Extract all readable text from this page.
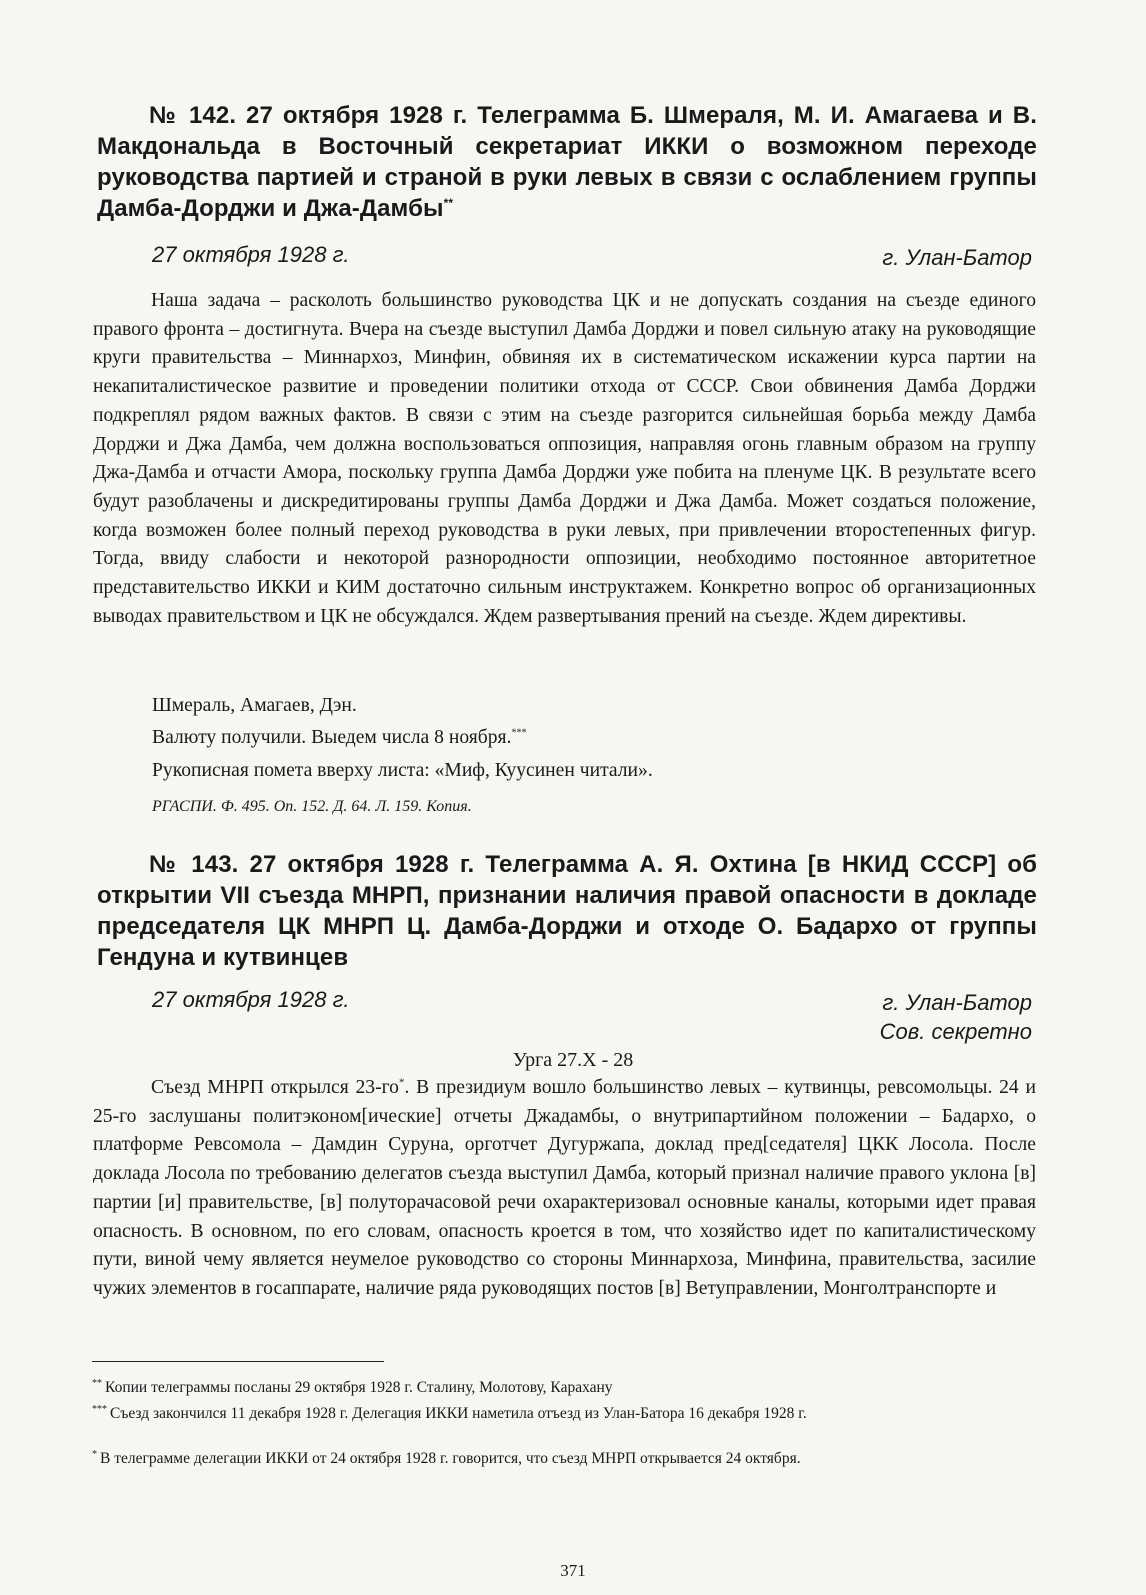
№ 142. 27 октября 1928 г. Телеграмма Б. Шмераля, М. И. Амагаева и В. Макдональда в Восточный секретариат ИККИ о возможном переходе руководства партией и страной в руки левых в связи с ослаблением группы Дамба-Дорджи и Джа-Дамбы**
27 октября 1928 г.	г. Улан-Батор

Наша задача – расколоть большинство руководства ЦК и не допускать создания на съезде единого правого фронта – достигнута. Вчера на съезде выступил Дамба Дорджи и повел сильную атаку на руководящие круги правительства – Миннархоз, Минфин, обвиняя их в систематическом искажении курса партии на некапиталистическое развитие и проведении политики отхода от СССР. Свои обвинения Дамба Дорджи подкреплял рядом важных фактов. В связи с этим на съезде разгорится сильнейшая борьба между Дамба Дорджи и Джа Дамба, чем должна воспользоваться оппозиция, направляя огонь главным образом на группу Джа-Дамба и отчасти Амора, поскольку группа Дамба Дорджи уже побита на пленуме ЦК. В результате всего будут разоблачены и дискредитированы группы Дамба Дорджи и Джа Дамба. Может создаться положение, когда возможен более полный переход руководства в руки левых, при привлечении второстепенных фигур. Тогда, ввиду слабости и некоторой разнородности оппозиции, необходимо постоянное авторитетное представительство ИККИ и КИМ достаточно сильным инструктажем. Конкретно вопрос об организационных выводах правительством и ЦК не обсуждался. Ждем развертывания прений на съезде. Ждем директивы.

Шмераль, Амагаев, Дэн.
Валюту получили. Выедем числа 8 ноября.***
Рукописная помета вверху листа: «Миф, Куусинен читали».
РГАСПИ. Ф. 495. Оп. 152. Д. 64. Л. 159. Копия.
№ 143. 27 октября 1928 г. Телеграмма А. Я. Охтина [в НКИД СССР] об открытии VII съезда МНРП, признании наличия правой опасности в докладе председателя ЦК МНРП Ц. Дамба-Дорджи и отходе О. Бадархо от группы Гендуна и кутвинцев
27 октября 1928 г.	г. Улан-Батор
Сов. секретно
Урга 27.X - 28

Съезд МНРП открылся 23-го*. В президиум вошло большинство левых – кутвинцы, ревсомольцы. 24 и 25-го заслушаны политэконом[ические] отчеты Джадамбы, о внутрипартийном положении – Бадархо, о платформе Ревсомола – Дамдин Суруна, орготчет Дугуржапа, доклад пред[седателя] ЦКК Лосола. После доклада Лосола по требованию делегатов съезда выступил Дамба, который признал наличие правого уклона [в] партии [и] правительстве, [в] полуторачасовой речи охарактеризовал основные каналы, которыми идет правая опасность. В основном, по его словам, опасность кроется в том, что хозяйство идет по капиталистическому пути, виной чему является неумелое руководство со стороны Миннархоза, Минфина, правительства, засилие чужих элементов в госаппарате, наличие ряда руководящих постов [в] Ветуправлении, Монголтранспорте и

** Копии телеграммы посланы 29 октября 1928 г. Сталину, Молотову, Карахану
*** Съезд закончился 11 декабря 1928 г. Делегация ИККИ наметила отъезд из Улан-Батора 16 декабря 1928 г.
* В телеграмме делегации ИККИ от 24 октября 1928 г. говорится, что съезд МНРП открывается 24 октября.
371
